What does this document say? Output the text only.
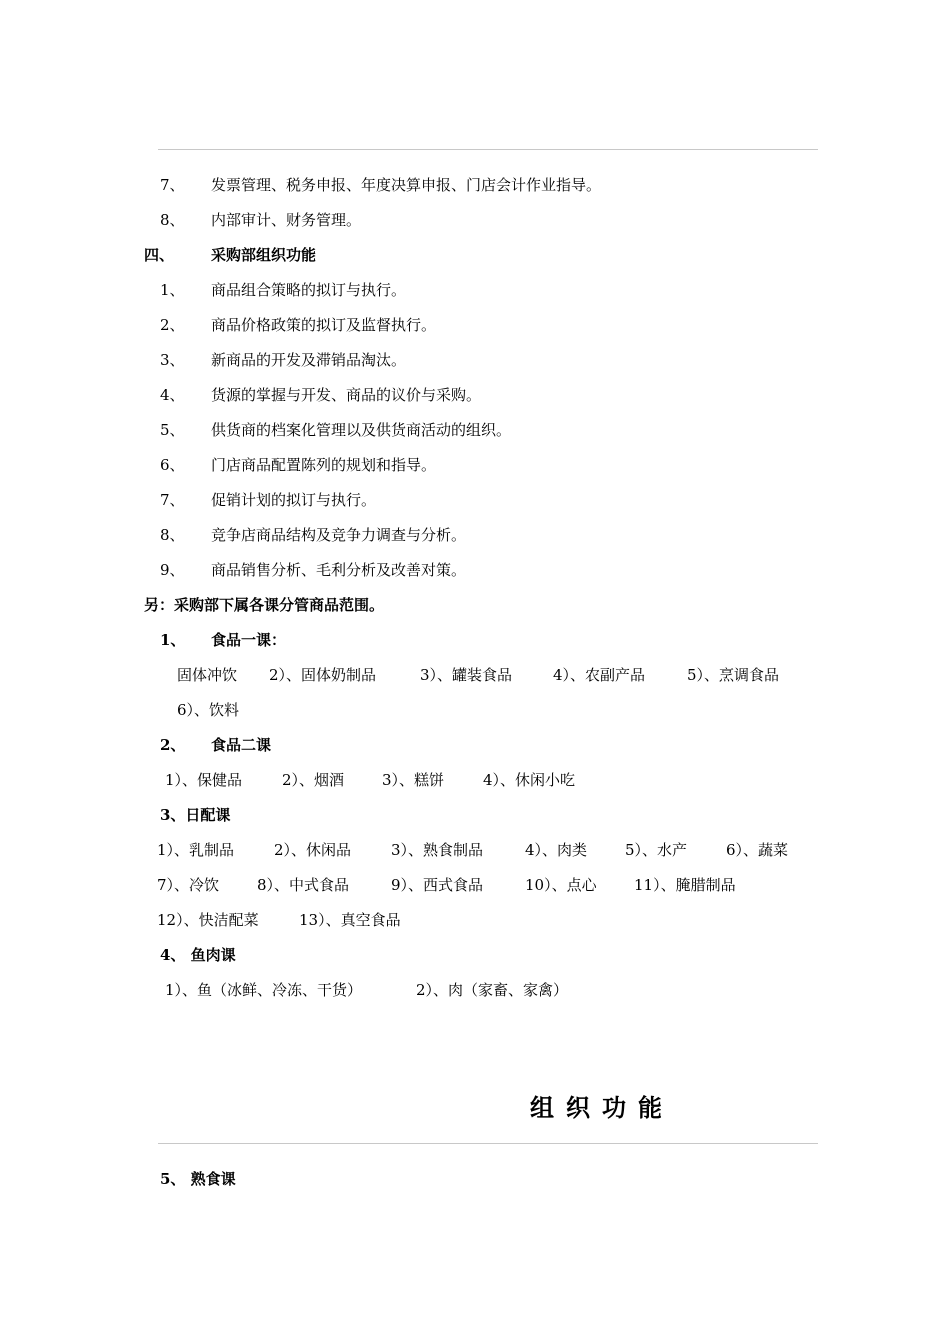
7、 发票管理、税务申报、年度决算申报、门店会计作业指导。
8、 内部审计、财务管理。
四、 采购部组织功能
1、 商品组合策略的拟订与执行。
2、 商品价格政策的拟订及监督执行。
3、 新商品的开发及滞销品淘汰。
4、 货源的掌握与开发、商品的议价与采购。
5、 供货商的档案化管理以及供货商活动的组织。
6、 门店商品配置陈列的规划和指导。
7、 促销计划的拟订与执行。
8、 竞争店商品结构及竞争力调查与分析。
9、 商品销售分析、毛利分析及改善对策。
另：采购部下属各课分管商品范围。
1、 食品一课：
固体冲饮 2）、固体奶制品	3）、罐装食品	4）、农副产品	5）、烹调食品
6）、饮料
2、 食品二课
1）、保健品	2）、烟酒	3）、糕饼	4）、休闲小吃
3、日配课
1）、乳制品	2）、休闲品	3）、熟食制品	4）、肉类	5）、水产	6）、蔬菜
7）、冷饮	8）、中式食品	9）、西式食品	10）、点心 11）、腌腊制品
12）、快洁配菜	13）、真空食品
4、 鱼肉课
1）、鱼（冰鲜、冷冻、干货）	2）、肉（家畜、家禽）
组织功能
5、 熟食课
